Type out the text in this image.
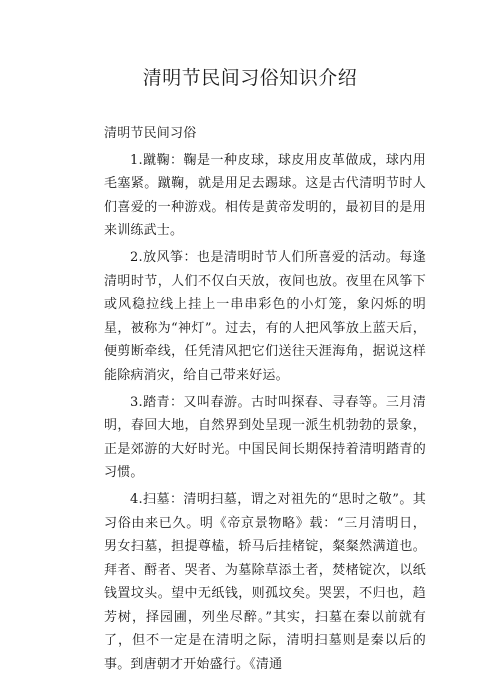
清明节民间习俗知识介绍

清明节民间习俗

1.蹴鞠：鞠是一种皮球，球皮用皮革做成，球内用毛塞紧。蹴鞠，就是用足去踢球。这是古代清明节时人们喜爱的一种游戏。相传是黄帝发明的，最初目的是用来训练武士。

2.放风筝：也是清明时节人们所喜爱的活动。每逢清明时节，人们不仅白天放，夜间也放。夜里在风筝下或风稳拉线上挂上一串串彩色的小灯笼，象闪烁的明星，被称为“神灯”。过去，有的人把风筝放上蓝天后，便剪断牵线，任凭清风把它们送往天涯海角，据说这样能除病消灾，给自己带来好运。

3.踏青：又叫春游。古时叫探春、寻春等。三月清明，春回大地，自然界到处呈现一派生机勃勃的景象，正是郊游的大好时光。中国民间长期保持着清明踏青的习惯。

4.扫墓：清明扫墓，谓之对祖先的“思时之敬”。其习俗由来已久。明《帝京景物略》载：“三月清明日，男女扫墓，担提尊榼，轿马后挂楮锭，粲粲然满道也。拜者、酹者、哭者、为墓除草添土者，焚楮锭次，以纸钱置坟头。望中无纸钱，则孤坟矣。哭罢，不归也，趋芳树，择园圃，列坐尽醉。”其实，扫墓在秦以前就有了，但不一定是在清明之际，清明扫墓则是秦以后的事。到唐朝才开始盛行。《清通
